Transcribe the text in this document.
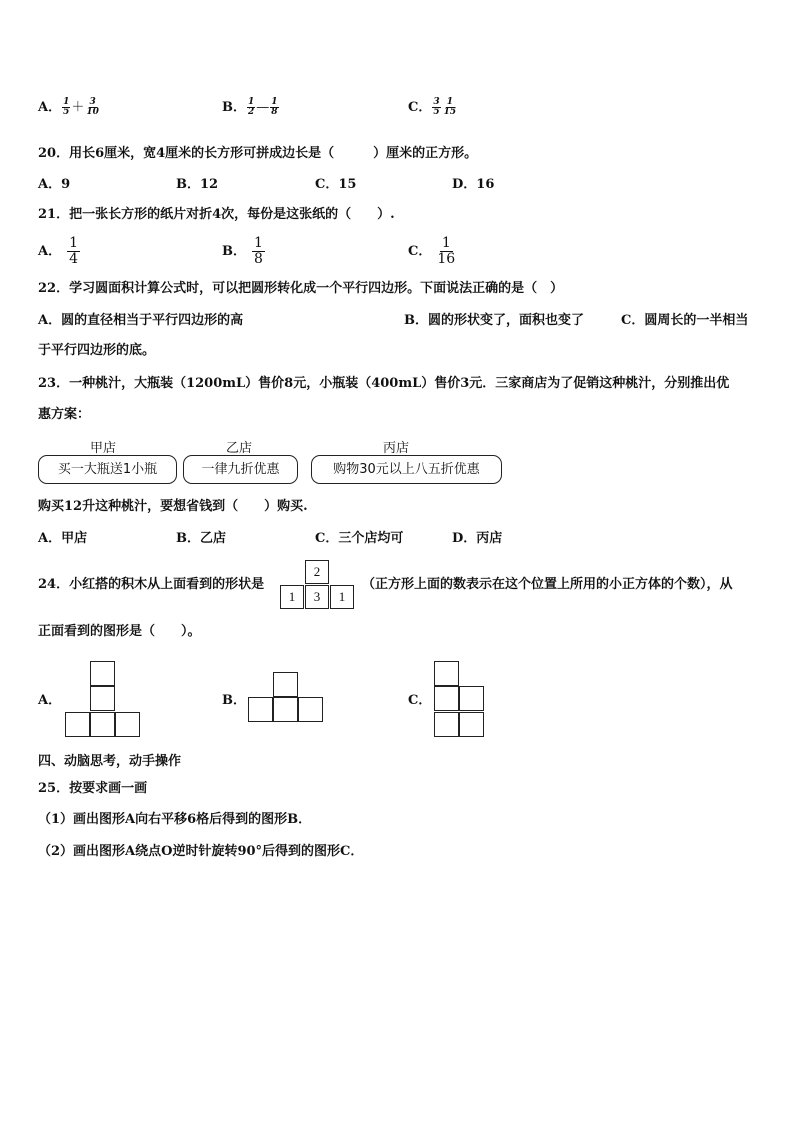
A． $\frac{1}{5} + \frac{3}{10}$	B． $\frac{1}{2}$ — $\frac{1}{8}$	C． $\frac{3}{5} \frac{1}{15}$
20．用长6厘米，宽4厘米的长方形可拼成边长是（　　　）厘米的正方形。
A．9	B．12	C．15	D．16
21．把一张长方形的纸片对折4次，每份是这张纸的（　　）.
A． $\frac{1}{4}$	B． $\frac{1}{8}$	C． $\frac{1}{16}$
22．学习圆面积计算公式时，可以把圆形转化成一个平行四边形。下面说法正确的是（　）
A．圆的直径相当于平行四边形的高	B．圆的形状变了，面积也变了	C．圆周长的一半相当
于平行四边形的底。
23．一种桃汁，大瓶装（1200mL）售价8元，小瓶装（400mL）售价3元．三家商店为了促销这种桃汁，分别推出优
惠方案：
甲店	乙店	丙店
买一大瓶送1小瓶	一律九折优惠	购物30元以上八五折优惠
购买12升这种桃汁，要想省钱到（　　）购买.
A．甲店	B．乙店	C．三个店均可	D．丙店
24．小红搭的积木从上面看到的形状是
2
1	3	1
（正方形上面的数表示在这个位置上所用的小正方体的个数），从
正面看到的图形是（　　）。
A．	B．	C．
四、动脑思考，动手操作
25．按要求画一画
（1）画出图形A向右平移6格后得到的图形B．
（2）画出图形A绕点O逆时针旋转90°后得到的图形C．
